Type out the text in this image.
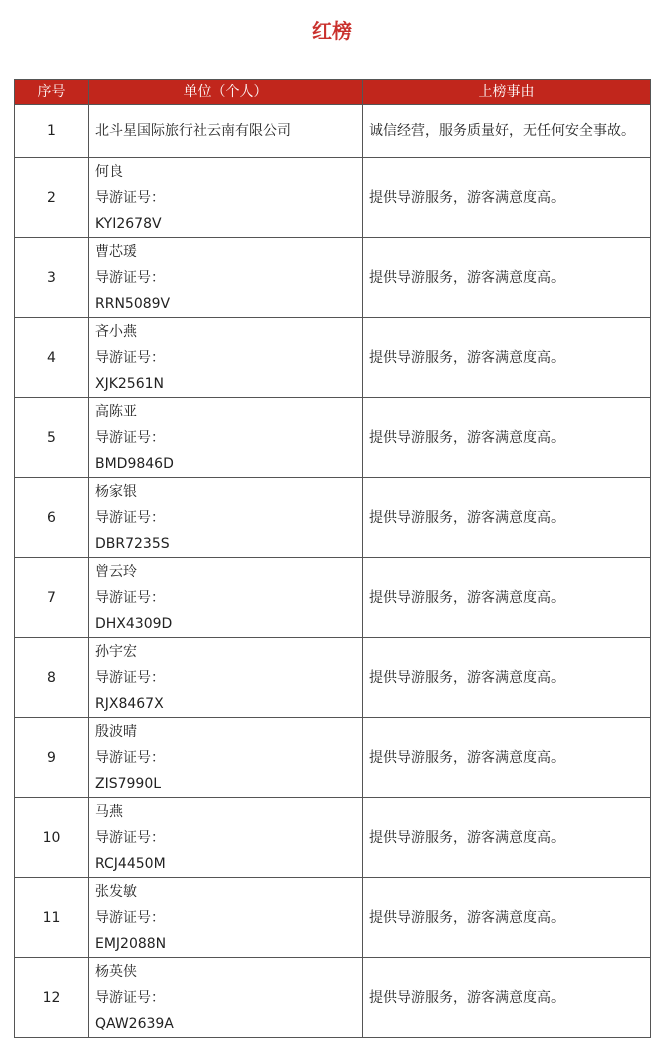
红榜
序号	单位（个人）	上榜事由
1	北斗星国际旅行社云南有限公司	诚信经营，服务质量好，无任何安全事故。
2	何良
导游证号：
KYI2678V	提供导游服务，游客满意度高。
3	曹芯瑗
导游证号：
RRN5089V	提供导游服务，游客满意度高。
4	吝小燕
导游证号：
XJK2561N	提供导游服务，游客满意度高。
5	高陈亚
导游证号：
BMD9846D	提供导游服务，游客满意度高。
6	杨家银
导游证号：
DBR7235S	提供导游服务，游客满意度高。
7	曾云玲
导游证号：
DHX4309D	提供导游服务，游客满意度高。
8	孙宇宏
导游证号：
RJX8467X	提供导游服务，游客满意度高。
9	殷波晴
导游证号：
ZIS7990L	提供导游服务，游客满意度高。
10	马燕
导游证号：
RCJ4450M	提供导游服务，游客满意度高。
11	张发敏
导游证号：
EMJ2088N	提供导游服务，游客满意度高。
12	杨英侠
导游证号：
QAW2639A	提供导游服务，游客满意度高。
